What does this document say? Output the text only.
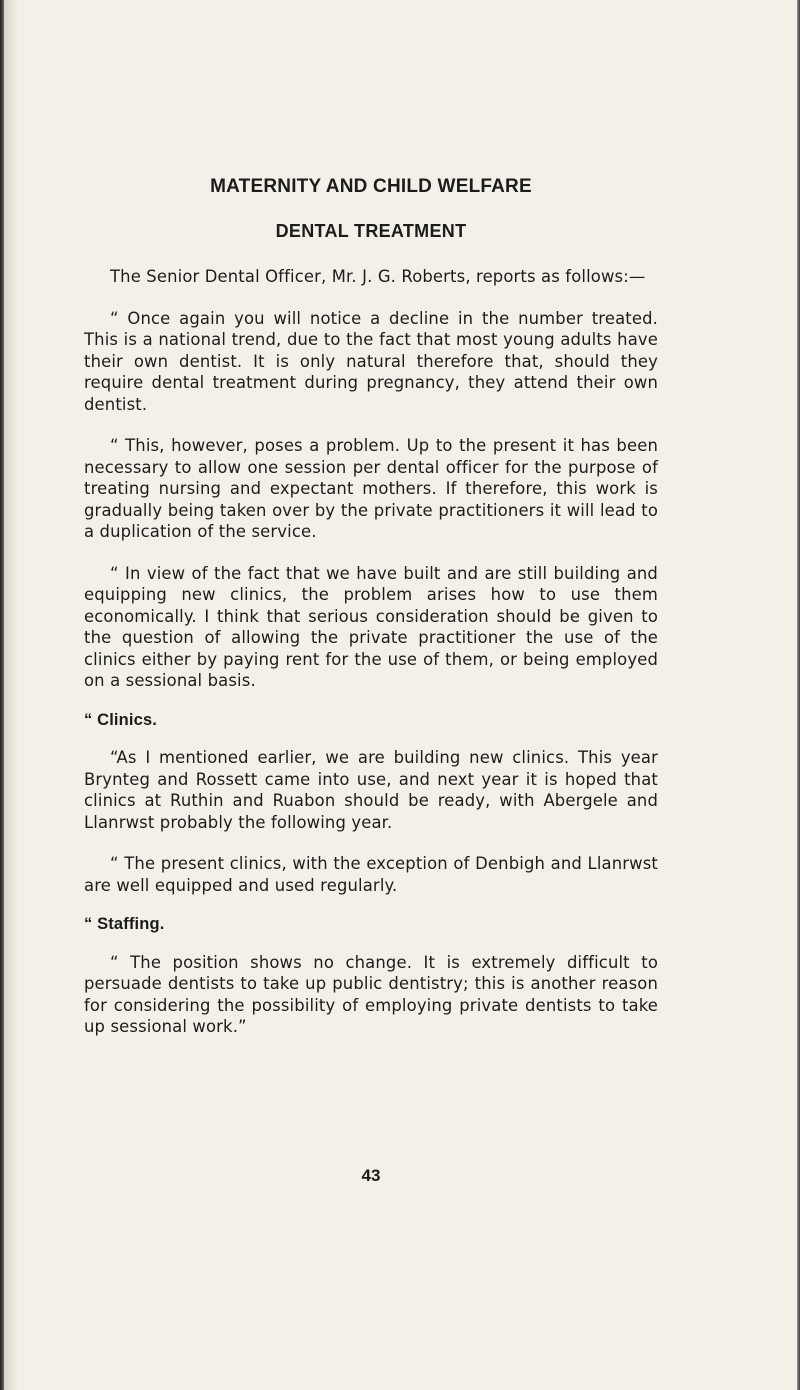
MATERNITY AND CHILD WELFARE
DENTAL TREATMENT

The Senior Dental Officer, Mr. J. G. Roberts, reports as follows:—

“ Once again you will notice a decline in the number treated. This is a national trend, due to the fact that most young adults have their own dentist. It is only natural therefore that, should they require dental treatment during pregnancy, they attend their own dentist.

“ This, however, poses a problem. Up to the present it has been necessary to allow one session per dental officer for the purpose of treating nursing and expectant mothers. If therefore, this work is gradually being taken over by the private practitioners it will lead to a duplication of the service.

“ In view of the fact that we have built and are still building and equipping new clinics, the problem arises how to use them economically. I think that serious consideration should be given to the question of allowing the private practitioner the use of the clinics either by paying rent for the use of them, or being employed on a sessional basis.

“ Clinics.

“As I mentioned earlier, we are building new clinics. This year Brynteg and Rossett came into use, and next year it is hoped that clinics at Ruthin and Ruabon should be ready, with Abergele and Llanrwst probably the following year.

“ The present clinics, with the exception of Denbigh and Llanrwst are well equipped and used regularly.

“ Staffing.

“ The position shows no change. It is extremely difficult to persuade dentists to take up public dentistry; this is another reason for considering the possibility of employing private dentists to take up sessional work.”

43
